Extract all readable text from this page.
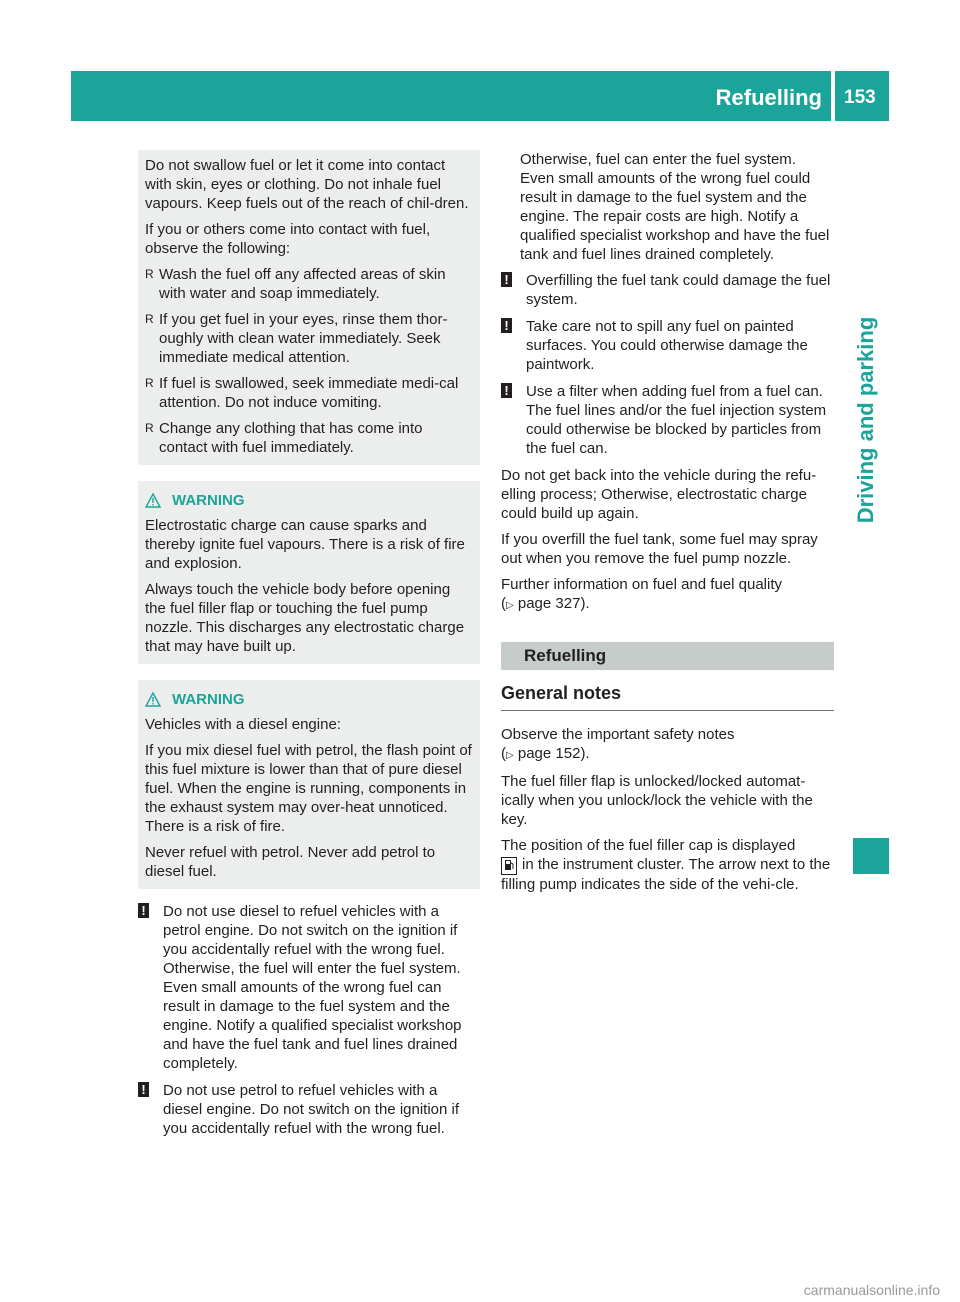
Refuelling 153
Driving and parking

Do not swallow fuel or let it come into contact with skin, eyes or clothing. Do not inhale fuel vapours. Keep fuels out of the reach of chil-dren.

If you or others come into contact with fuel, observe the following:

R Wash the fuel off any affected areas of skin with water and soap immediately.
R If you get fuel in your eyes, rinse them thor-oughly with clean water immediately. Seek immediate medical attention.
R If fuel is swallowed, seek immediate medi-cal attention. Do not induce vomiting.
R Change any clothing that has come into contact with fuel immediately.
WARNING

Electrostatic charge can cause sparks and thereby ignite fuel vapours. There is a risk of fire and explosion.

Always touch the vehicle body before opening the fuel filler flap or touching the fuel pump nozzle. This discharges any electrostatic charge that may have built up.

WARNING

Vehicles with a diesel engine:

If you mix diesel fuel with petrol, the flash point of this fuel mixture is lower than that of pure diesel fuel. When the engine is running, components in the exhaust system may over-heat unnoticed. There is a risk of fire.

Never refuel with petrol. Never add petrol to diesel fuel.

! Do not use diesel to refuel vehicles with a petrol engine. Do not switch on the ignition if you accidentally refuel with the wrong fuel. Otherwise, the fuel will enter the fuel system. Even small amounts of the wrong fuel can result in damage to the fuel system and the engine. Notify a qualified specialist workshop and have the fuel tank and fuel lines drained completely.
! Do not use petrol to refuel vehicles with a diesel engine. Do not switch on the ignition if you accidentally refuel with the wrong fuel.

Otherwise, fuel can enter the fuel system. Even small amounts of the wrong fuel could result in damage to the fuel system and the engine. The repair costs are high. Notify a qualified specialist workshop and have the fuel tank and fuel lines drained completely.

! Overfilling the fuel tank could damage the fuel system.
! Take care not to spill any fuel on painted surfaces. You could otherwise damage the paintwork.
! Use a filter when adding fuel from a fuel can. The fuel lines and/or the fuel injection system could otherwise be blocked by particles from the fuel can.

Do not get back into the vehicle during the refu-elling process; Otherwise, electrostatic charge could build up again.

If you overfill the fuel tank, some fuel may spray out when you remove the fuel pump nozzle.

Further information on fuel and fuel quality
(▷ page 327).

Refuelling
General notes

Observe the important safety notes
(▷ page 152).

The fuel filler flap is unlocked/locked automat-ically when you unlock/lock the vehicle with the key.

The position of the fuel filler cap is displayed
in the instrument cluster. The arrow next to the filling pump indicates the side of the vehi-cle.

carmanualsonline.info
